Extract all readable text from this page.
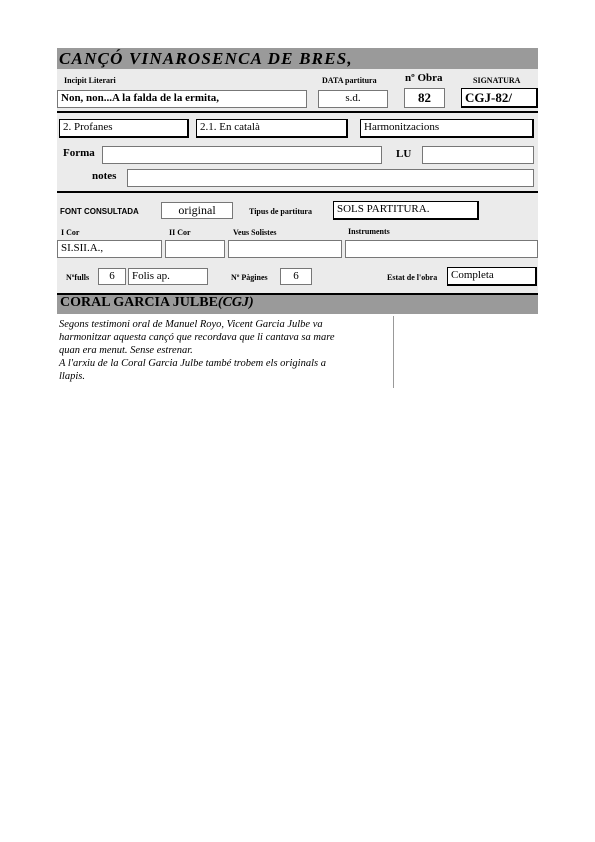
CANÇÓ VINAROSENCA DE BRES,
Incipit Literari	DATA partitura	nº Obra	SIGNATURA
Non, non...A la falda de la ermita,	s.d.	82	CGJ-82/
2. Profanes	2.1. En català	Harmonitzacions
Forma	LU
notes
FONT CONSULTADA	original	Tipus de partitura	SOLS PARTITURA.
I Cor	II Cor	Veus Solistes	Instruments
SI.SII.A.,
Nºfulls	6	Folis ap.	Nº Pàgines	6	Estat de l'obra	Completa
CORAL GARCIA JULBE(CGJ)
Segons testimoni oral de Manuel Royo, Vicent Garcia Julbe va
harmonitzar aquesta cançó que recordava que li cantava sa mare
quan era menut. Sense estrenar.
A l'arxiu de la Coral Garcia Julbe també trobem els originals a
llapis.
